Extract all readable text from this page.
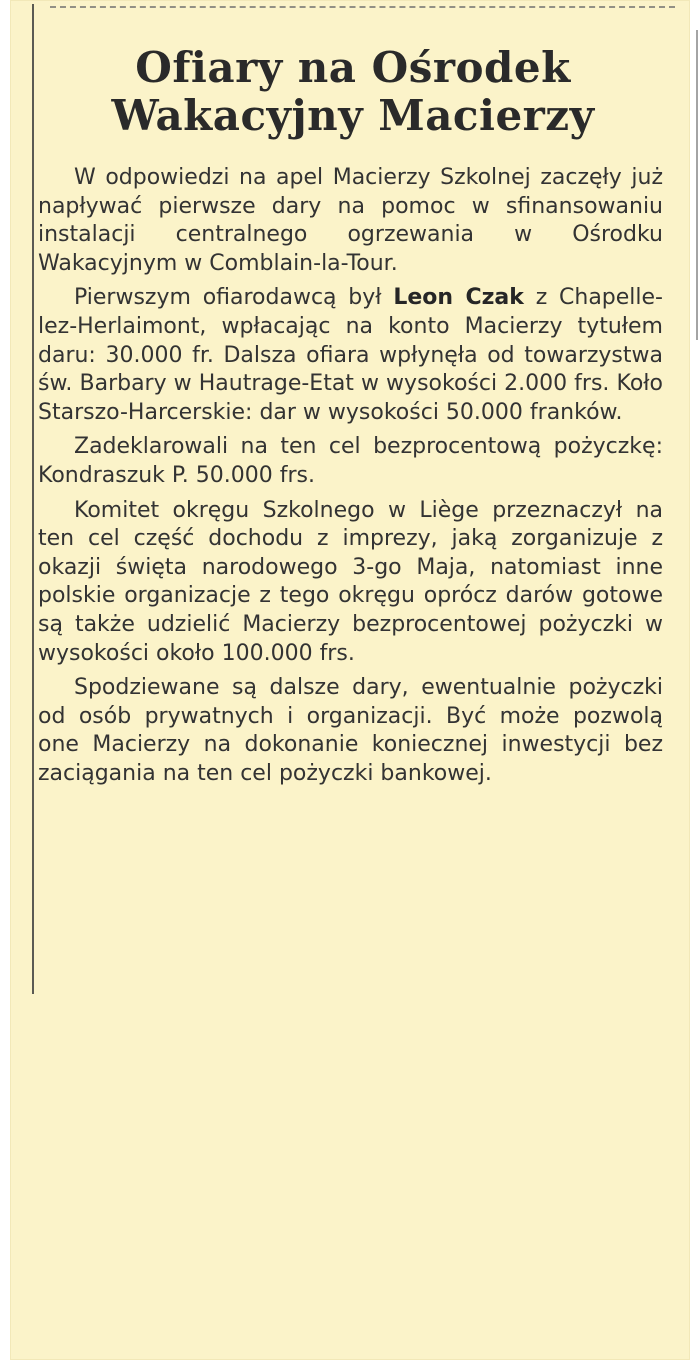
Ofiary na Ośrodek
Wakacyjny Macierzy

W odpowiedzi na apel Macierzy Szkolnej zaczęły już napływać pierwsze dary na pomoc w sfinansowaniu instalacji centralnego ogrzewania w Ośrodku Wakacyjnym w Comblain-la-Tour.

Pierwszym ofiarodawcą był Leon Czak z Chapelle-lez-Herlaimont, wpłacając na konto Macierzy tytułem daru: 30.000 fr. Dalsza ofiara wpłynęła od towarzystwa św. Barbary w Hautrage-Etat w wysokości 2.000 frs. Koło Starszo-Harcerskie: dar w wysokości 50.000 franków.

Zadeklarowali na ten cel bezprocentową pożyczkę: Kondraszuk P. 50.000 frs.

Komitet okręgu Szkolnego w Liège przeznaczył na ten cel część dochodu z imprezy, jaką zorganizuje z okazji święta narodowego 3-go Maja, natomiast inne polskie organizacje z tego okręgu oprócz darów gotowe są także udzielić Macierzy bezprocentowej pożyczki w wysokości około 100.000 frs.

Spodziewane są dalsze dary, ewentualnie pożyczki od osób prywatnych i organizacji. Być może pozwolą one Macierzy na dokonanie koniecznej inwestycji bez zaciągania na ten cel pożyczki bankowej.
